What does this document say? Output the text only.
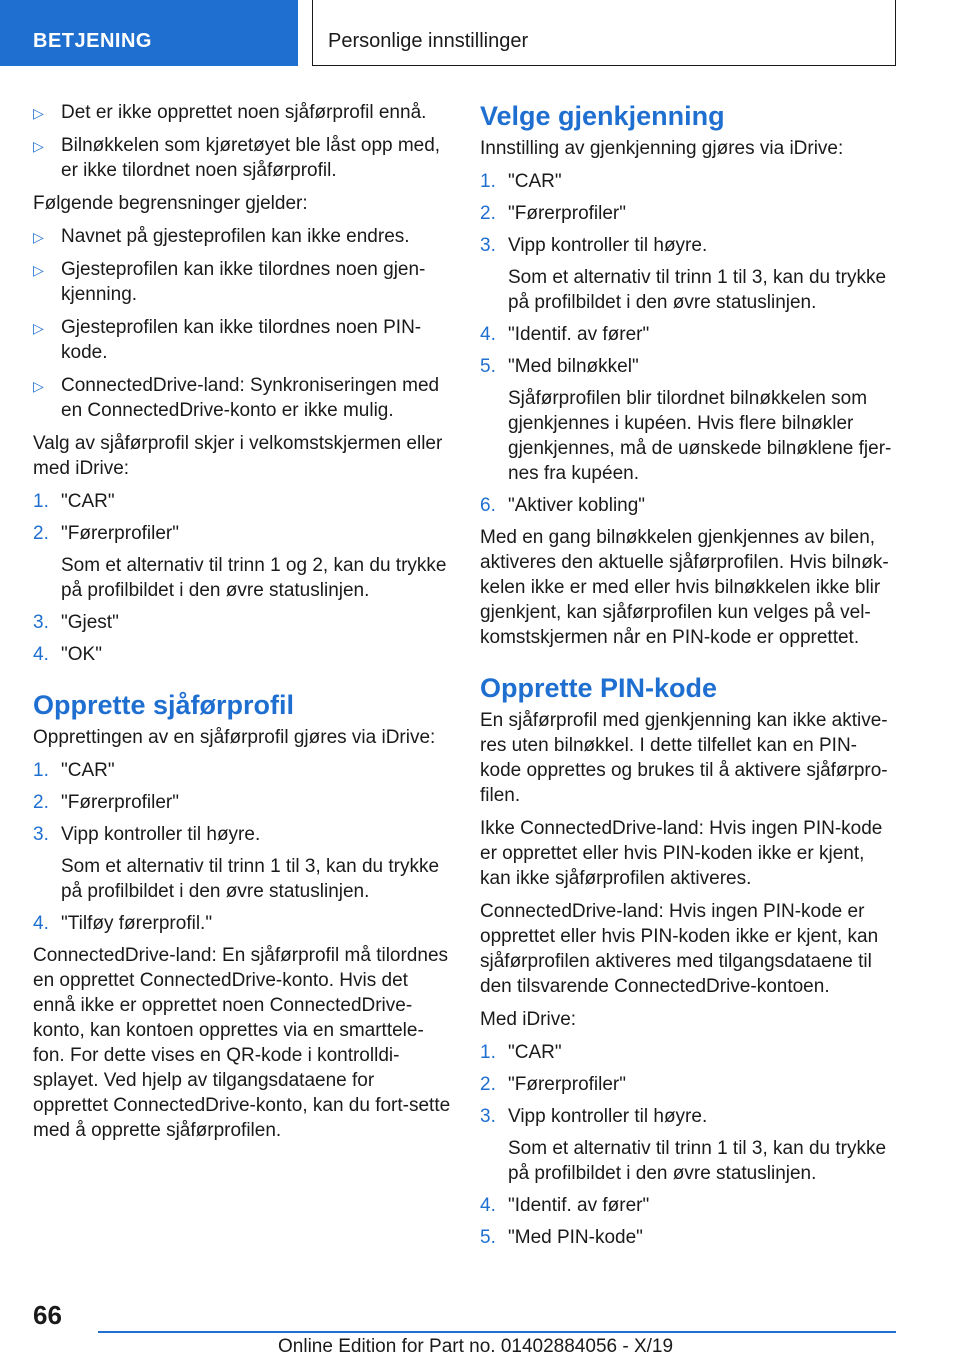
BETJENING	Personlige innstillinger
▷ Det er ikke opprettet noen sjåførprofil ennå.
▷ Bilnøkkelen som kjøretøyet ble låst opp med, er ikke tilordnet noen sjåførprofil.

Følgende begrensninger gjelder:

▷ Navnet på gjesteprofilen kan ikke endres.
▷ Gjesteprofilen kan ikke tilordnes noen gjen-kjenning.
▷ Gjesteprofilen kan ikke tilordnes noen PIN-kode.
▷ ConnectedDrive-land: Synkroniseringen med en ConnectedDrive-konto er ikke mulig.

Valg av sjåførprofil skjer i velkomstskjermen eller med iDrive:

1. "CAR"
2. "Førerprofiler"
Som et alternativ til trinn 1 og 2, kan du trykke på profilbildet i den øvre statuslinjen.
3. "Gjest"
4. "OK"
Opprette sjåførprofil

Opprettingen av en sjåførprofil gjøres via iDrive:

1. "CAR"
2. "Førerprofiler"
3. Vipp kontroller til høyre.
Som et alternativ til trinn 1 til 3, kan du trykke på profilbildet i den øvre statuslinjen.
4. "Tilføy førerprofil."

ConnectedDrive-land: En sjåførprofil må tilordnes en opprettet ConnectedDrive-konto. Hvis det ennå ikke er opprettet noen ConnectedDrive-konto, kan kontoen opprettes via en smarttele-fon. For dette vises en QR-kode i kontrolldi-splayet. Ved hjelp av tilgangsdataene for opprettet ConnectedDrive-konto, kan du fort-sette med å opprette sjåførprofilen.

Velge gjenkjenning

Innstilling av gjenkjenning gjøres via iDrive:

1. "CAR"
2. "Førerprofiler"
3. Vipp kontroller til høyre.
Som et alternativ til trinn 1 til 3, kan du trykke på profilbildet i den øvre statuslinjen.
4. "Identif. av fører"
5. "Med bilnøkkel"
Sjåførprofilen blir tilordnet bilnøkkelen som gjenkjennes i kupéen. Hvis flere bilnøkler gjenkjennes, må de uønskede bilnøklene fjer-nes fra kupéen.
6. "Aktiver kobling"

Med en gang bilnøkkelen gjenkjennes av bilen, aktiveres den aktuelle sjåførprofilen. Hvis bilnøk-kelen ikke er med eller hvis bilnøkkelen ikke blir gjenkjent, kan sjåførprofilen kun velges på vel-komstskjermen når en PIN-kode er opprettet.

Opprette PIN-kode

En sjåførprofil med gjenkjenning kan ikke aktive-res uten bilnøkkel. I dette tilfellet kan en PIN-kode opprettes og brukes til å aktivere sjåførpro-filen.

Ikke ConnectedDrive-land: Hvis ingen PIN-kode er opprettet eller hvis PIN-koden ikke er kjent, kan ikke sjåførprofilen aktiveres.

ConnectedDrive-land: Hvis ingen PIN-kode er opprettet eller hvis PIN-koden ikke er kjent, kan sjåførprofilen aktiveres med tilgangsdataene til den tilsvarende ConnectedDrive-kontoen.

Med iDrive:

1. "CAR"
2. "Førerprofiler"
3. Vipp kontroller til høyre.
Som et alternativ til trinn 1 til 3, kan du trykke på profilbildet i den øvre statuslinjen.
4. "Identif. av fører"
5. "Med PIN-kode"
66
Online Edition for Part no. 01402884056 - X/19
